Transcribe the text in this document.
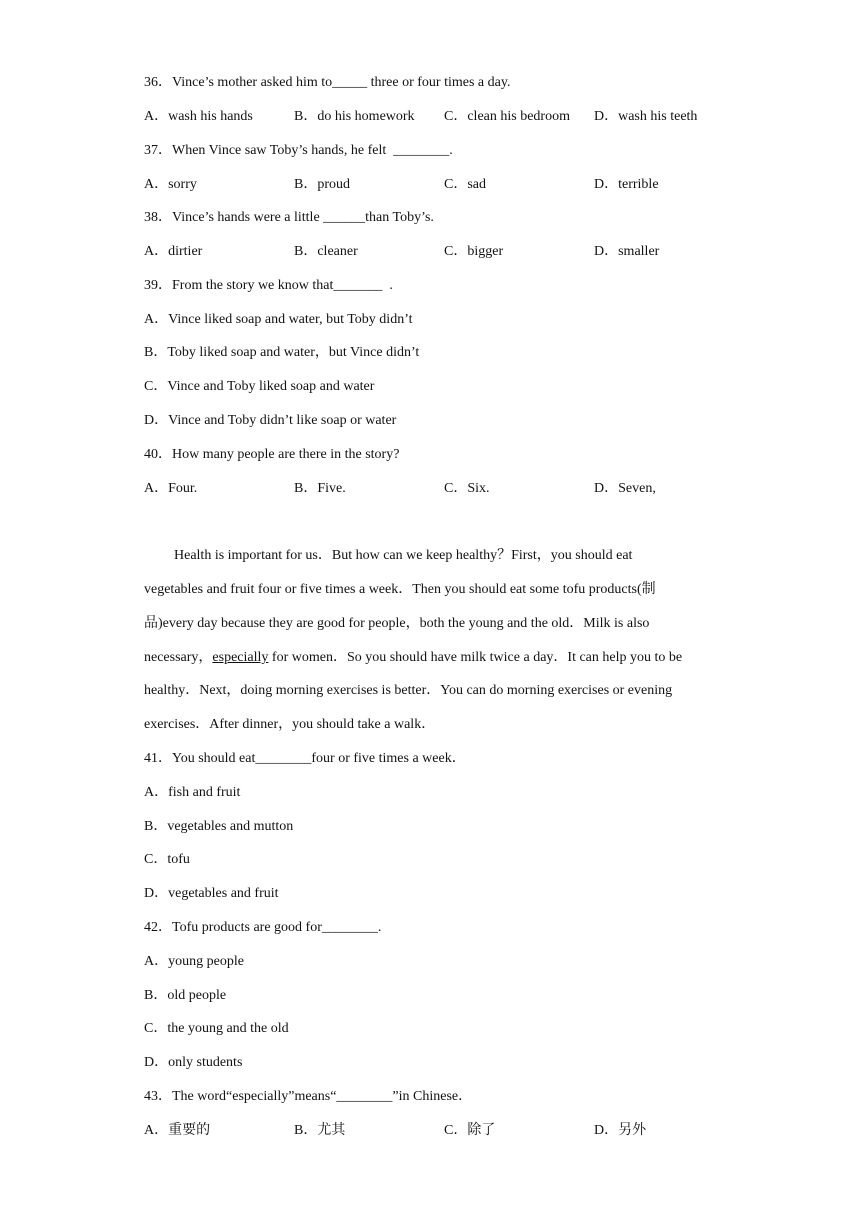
36．Vince’s mother asked him to_____ three or four times a day.
A．wash his hands	B．do his homework C．clean his bedroom D．wash his teeth
37．When Vince saw Toby’s hands, he felt  ________.
A．sorry	B．proud	C．sad	D．terrible
38．Vince’s hands were a little ______than Toby’s.
A．dirtier	B．cleaner	C．bigger	D．smaller
39．From the story we know that_______  .
A．Vince liked soap and water, but Toby didn’t
B．Toby liked soap and water，but Vince didn’t
C．Vince and Toby liked soap and water
D．Vince and Toby didn’t like soap or water
40．How many people are there in the story?
A．Four.	B．Five.	C．Six.	D．Seven,
Health is important for us．But how can we keep healthy？First，you should eat
vegetables and fruit four or five times a week．Then you should eat some tofu products(制
品)every day because they are good for people，both the young and the old．Milk is also
necessary，especially for women．So you should have milk twice a day．It can help you to be
healthy．Next，doing morning exercises is better．You can do morning exercises or evening
exercises．After dinner，you should take a walk．
41．You should eat________four or five times a week．
A．fish and fruit
B．vegetables and mutton
C．tofu
D．vegetables and fruit
42．Tofu products are good for________.
A．young people
B．old people
C．the young and the old
D．only students
43．The word“especially”means“________”in Chinese．
A．重要的	B．尤其	C．除了	D．另外
